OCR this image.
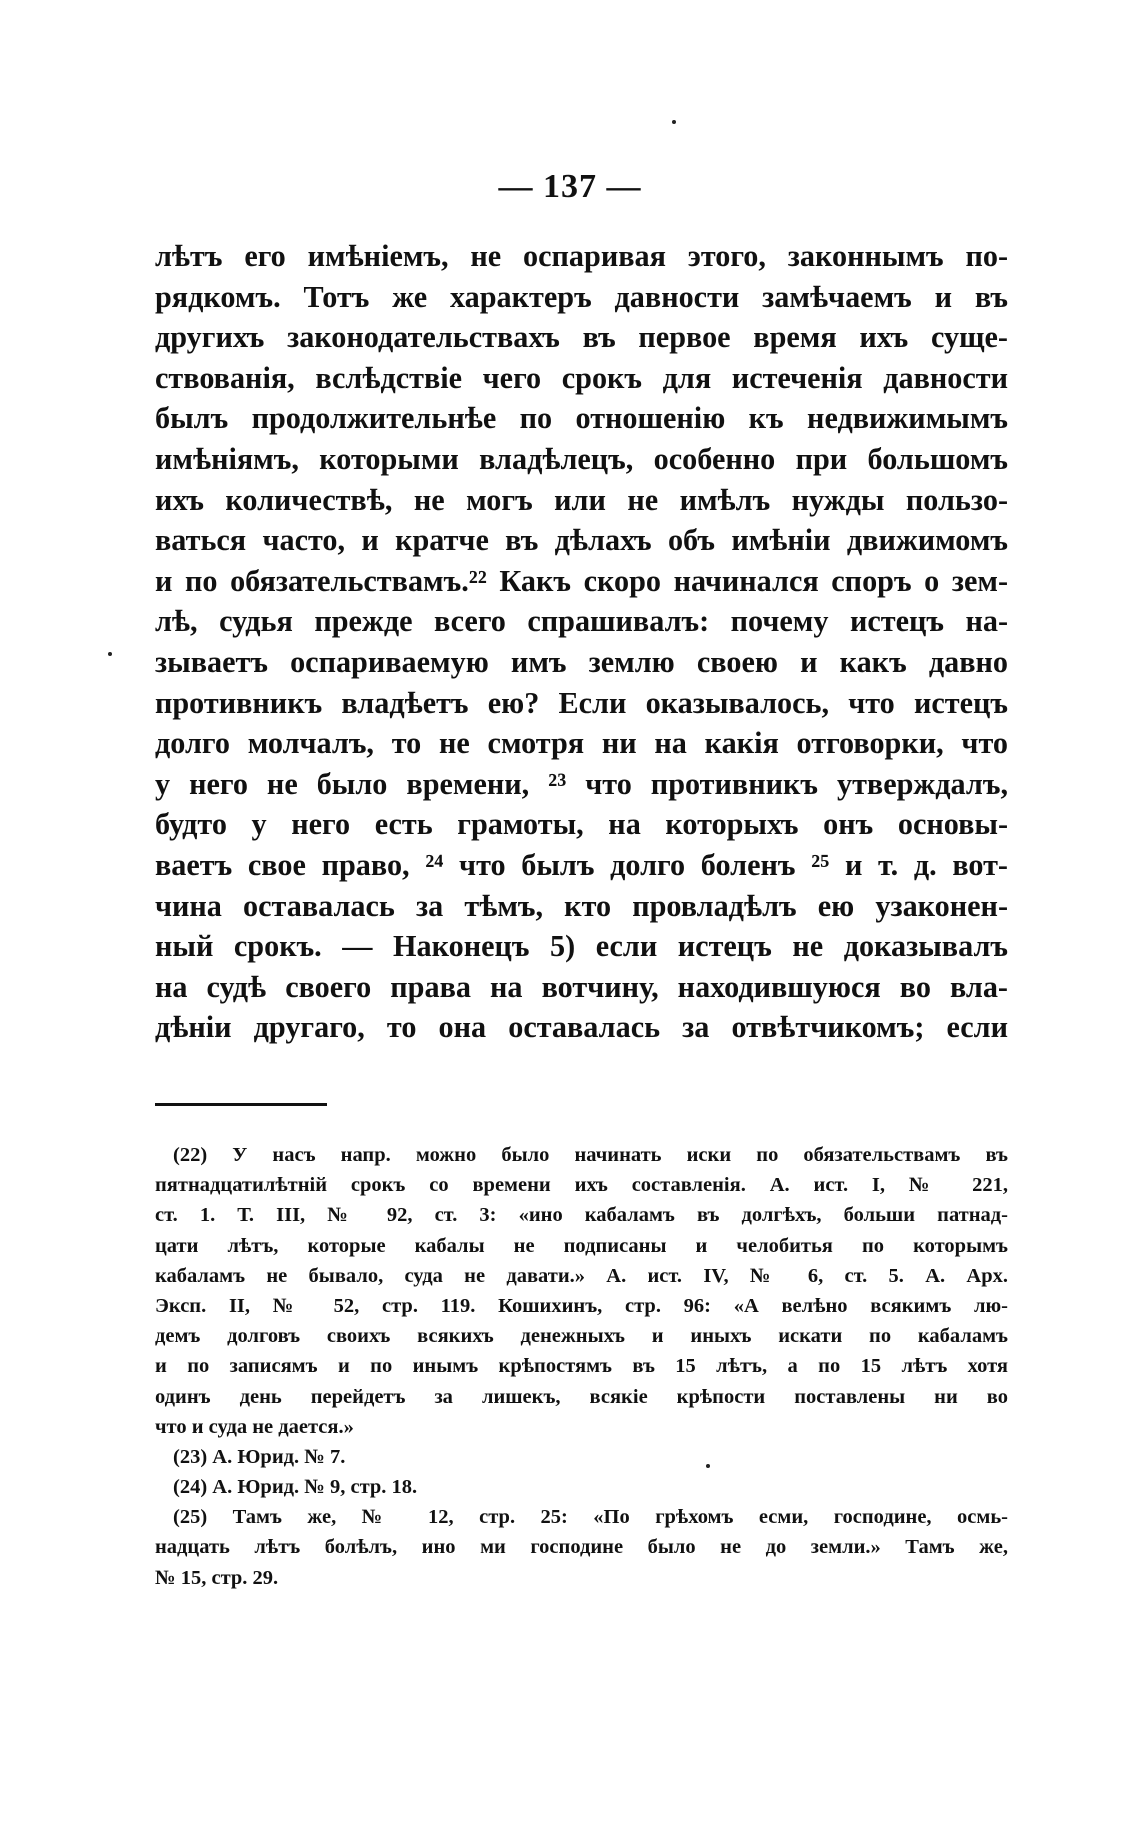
— 137 —
лѣтъ его имѣніемъ, не оспаривая этого, законнымъ по-
рядкомъ. Тотъ же характеръ давности замѣчаемъ и въ
другихъ законодательствахъ въ первое время ихъ суще-
ствованія, вслѣдствіе чего срокъ для истеченія давности
былъ продолжительнѣе по отношенію къ недвижимымъ
имѣніямъ, которыми владѣлецъ, особенно при большомъ
ихъ количествѣ, не могъ или не имѣлъ нужды пользо-
ваться часто, и кратче въ дѣлахъ объ имѣніи движимомъ
и по обязательствамъ.²² Какъ скоро начинался споръ о зем-
лѣ, судья прежде всего спрашивалъ: почему истецъ на-
зываетъ оспариваемую имъ землю своею и какъ давно
противникъ владѣетъ ею? Если оказывалось, что истецъ
долго молчалъ, то не смотря ни на какія отговорки, что
у него не было времени, ²³ что противникъ утверждалъ,
будто у него есть грамоты, на которыхъ онъ основы-
ваетъ свое право, ²⁴ что былъ долго боленъ ²⁵ и т. д. вот-
чина оставалась за тѣмъ, кто провладѣлъ ею узаконен-
ный срокъ. — Наконецъ 5) если истецъ не доказывалъ
на судѣ своего права на вотчину, находившуюся во вла-
дѣніи другаго, то она оставалась за отвѣтчикомъ; если
(22) У насъ напр. можно было начинать иски по обязательствамъ въ
пятнадцатилѣтній срокъ со времени ихъ составленія. А. ист. I, № 221,
ст. 1. Т. III, № 92, ст. 3: «ино кабаламъ въ долгѣхъ, больши патнад-
цати лѣтъ, которые кабалы не подписаны и челобитья по которымъ
кабаламъ не бывало, суда не давати.» А. ист. IV, № 6, ст. 5. А. Арх.
Эксп. II, № 52, стр. 119. Кошихинъ, стр. 96: «А велѣно всякимъ лю-
демъ долговъ своихъ всякихъ денежныхъ и иныхъ искати по кабаламъ
и по записямъ и по инымъ крѣпостямъ въ 15 лѣтъ, а по 15 лѣтъ хотя
одинъ день перейдетъ за лишекъ, всякіе крѣпости поставлены ни во
что и суда не дается.»
(23) А. Юрид. № 7.
(24) А. Юрид. № 9, стр. 18.
(25) Тамъ же, № 12, стр. 25: «По грѣхомъ есми, господине, осмь-
надцать лѣтъ болѣлъ, ино ми господине было не до земли.» Тамъ же,
№ 15, стр. 29.
